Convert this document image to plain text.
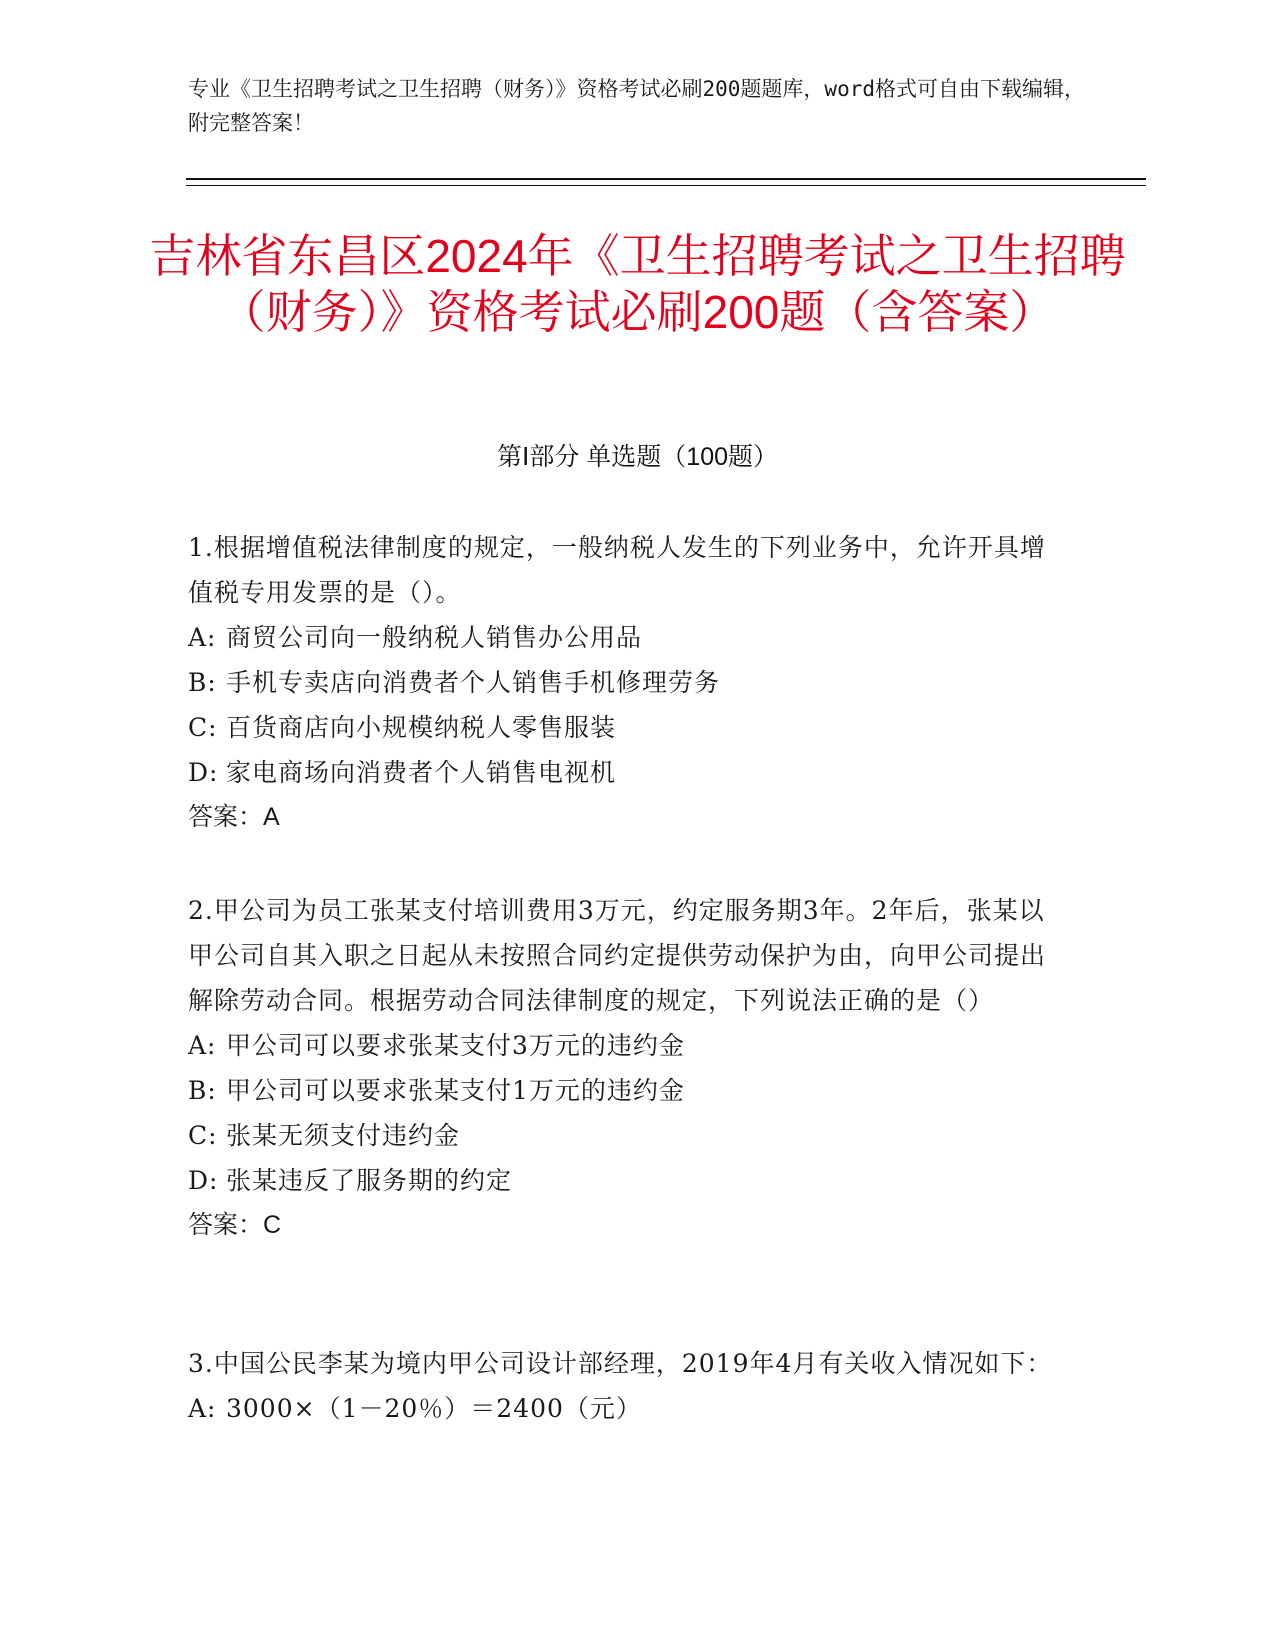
专业《卫生招聘考试之卫生招聘（财务）》资格考试必刷200题题库，word格式可自由下载编辑，附完整答案！
吉林省东昌区2024年《卫生招聘考试之卫生招聘（财务）》资格考试必刷200题（含答案）
第Ⅰ部分 单选题（100题）
1.根据增值税法律制度的规定，一般纳税人发生的下列业务中，允许开具增值税专用发票的是（）。
A: 商贸公司向一般纳税人销售办公用品
B: 手机专卖店向消费者个人销售手机修理劳务
C: 百货商店向小规模纳税人零售服装
D: 家电商场向消费者个人销售电视机
答案：A
2.甲公司为员工张某支付培训费用3万元，约定服务期3年。2年后，张某以甲公司自其入职之日起从未按照合同约定提供劳动保护为由，向甲公司提出解除劳动合同。根据劳动合同法律制度的规定，下列说法正确的是（）
A: 甲公司可以要求张某支付3万元的违约金
B: 甲公司可以要求张某支付1万元的违约金
C: 张某无须支付违约金
D: 张某违反了服务期的约定
答案：C
3.中国公民李某为境内甲公司设计部经理，2019年4月有关收入情况如下：
A: 3000×（1－20％）＝2400（元）
